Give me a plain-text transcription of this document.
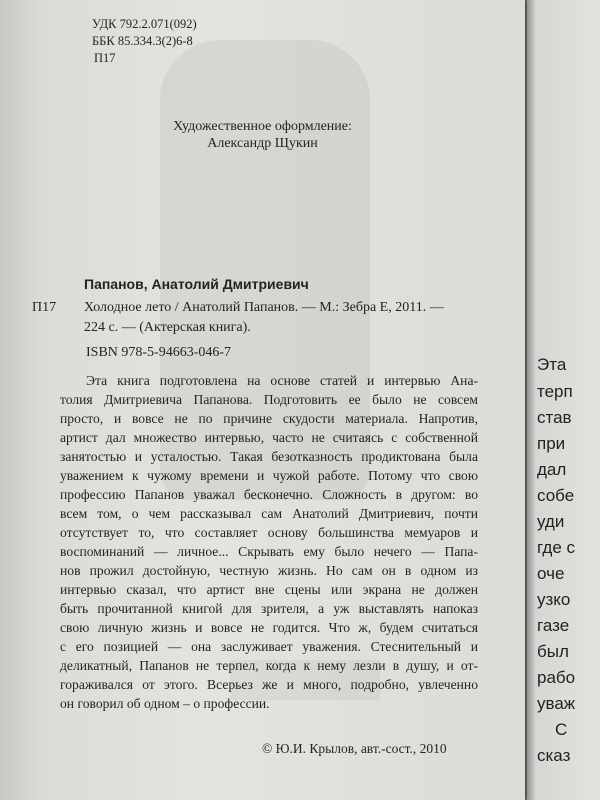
УДК 792.2.071(092)
ББК 85.334.3(2)6-8
П17
Художественное оформление:
Александр Щукин
Папанов, Анатолий Дмитриевич
П17 Холодное лето / Анатолий Папанов. — М.: Зебра Е, 2011. —
224 с. — (Актерская книга).
ISBN 978-5-94663-046-7
Эта книга подготовлена на основе статей и интервью Ана-
толия Дмитриевича Папанова. Подготовить ее было не совсем
просто, и вовсе не по причине скудости материала. Напротив,
артист дал множество интервью, часто не считаясь с собственной
занятостью и усталостью. Такая безотказность продиктована была
уважением к чужому времени и чужой работе. Потому что свою
профессию Папанов уважал бесконечно. Сложность в другом: во
всем том, о чем рассказывал сам Анатолий Дмитриевич, почти
отсутствует то, что составляет основу большинства мемуаров и
воспоминаний — личное... Скрывать ему было нечего — Папа-
нов прожил достойную, честную жизнь. Но сам он в одном из
интервью сказал, что артист вне сцены или экрана не должен
быть прочитанной книгой для зрителя, а уж выставлять напоказ
свою личную жизнь и вовсе не годится. Что ж, будем считаться
с его позицией — она заслуживает уважения. Стеснительный и
деликатный, Папанов не терпел, когда к нему лезли в душу, и от-
гораживался от этого. Всерьез же и много, подробно, увлеченно
он говорил об одном – о профессии.
© Ю.И. Крылов, авт.-сост., 2010
Эта
терп
став
при
дал
собе
уди
где с
оче
узко
газе
был
рабо
уваж
С
сказ
